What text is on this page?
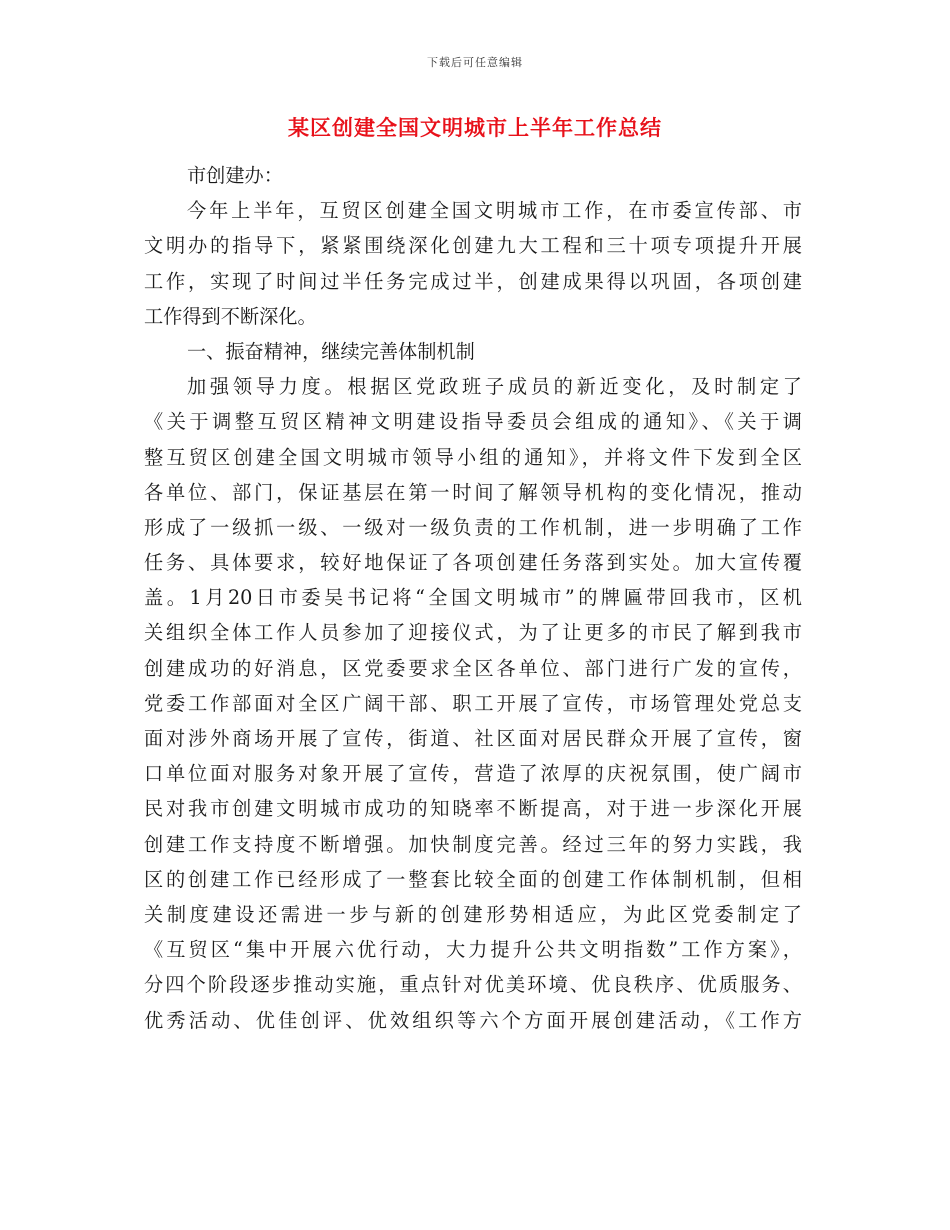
下载后可任意编辑
某区创建全国文明城市上半年工作总结
市创建办：
今年上半年，互贸区创建全国文明城市工作，在市委宣传部、市
文明办的指导下，紧紧围绕深化创建九大工程和三十项专项提升开展
工作，实现了时间过半任务完成过半，创建成果得以巩固，各项创建
工作得到不断深化。
一、振奋精神，继续完善体制机制
加强领导力度。根据区党政班子成员的新近变化，及时制定了
《关于调整互贸区精神文明建设指导委员会组成的通知》、《关于调
整互贸区创建全国文明城市领导小组的通知》，并将文件下发到全区
各单位、部门，保证基层在第一时间了解领导机构的变化情况，推动
形成了一级抓一级、一级对一级负责的工作机制，进一步明确了工作
任务、具体要求，较好地保证了各项创建任务落到实处。加大宣传覆
盖。1月20日市委吴书记将“全国文明城市”的牌匾带回我市，区机
关组织全体工作人员参加了迎接仪式，为了让更多的市民了解到我市
创建成功的好消息，区党委要求全区各单位、部门进行广发的宣传，
党委工作部面对全区广阔干部、职工开展了宣传，市场管理处党总支
面对涉外商场开展了宣传，街道、社区面对居民群众开展了宣传，窗
口单位面对服务对象开展了宣传，营造了浓厚的庆祝氛围，使广阔市
民对我市创建文明城市成功的知晓率不断提高，对于进一步深化开展
创建工作支持度不断增强。加快制度完善。经过三年的努力实践，我
区的创建工作已经形成了一整套比较全面的创建工作体制机制，但相
关制度建设还需进一步与新的创建形势相适应，为此区党委制定了
《互贸区“集中开展六优行动，大力提升公共文明指数”工作方案》，
分四个阶段逐步推动实施，重点针对优美环境、优良秩序、优质服务、
优秀活动、优佳创评、优效组织等六个方面开展创建活动，《工作方
